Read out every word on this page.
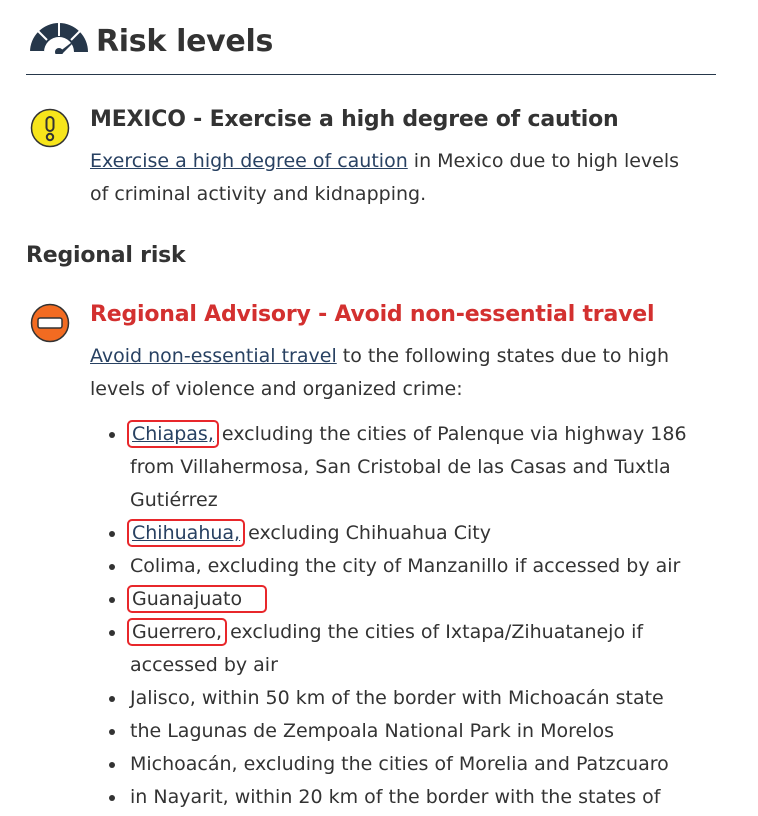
Risk levels
MEXICO - Exercise a high degree of caution
Exercise a high degree of caution in Mexico due to high levels of criminal activity and kidnapping.
Regional risk
Regional Advisory - Avoid non-essential travel
Avoid non-essential travel to the following states due to high levels of violence and organized crime:
Chiapas, excluding the cities of Palenque via highway 186 from Villahermosa, San Cristobal de las Casas and Tuxtla Gutiérrez
Chihuahua, excluding Chihuahua City
Colima, excluding the city of Manzanillo if accessed by air
Guanajuato
Guerrero, excluding the cities of Ixtapa/Zihuatanejo if accessed by air
Jalisco, within 50 km of the border with Michoacán state
the Lagunas de Zempoala National Park in Morelos
Michoacán, excluding the cities of Morelia and Patzcuaro
in Nayarit, within 20 km of the border with the states of
